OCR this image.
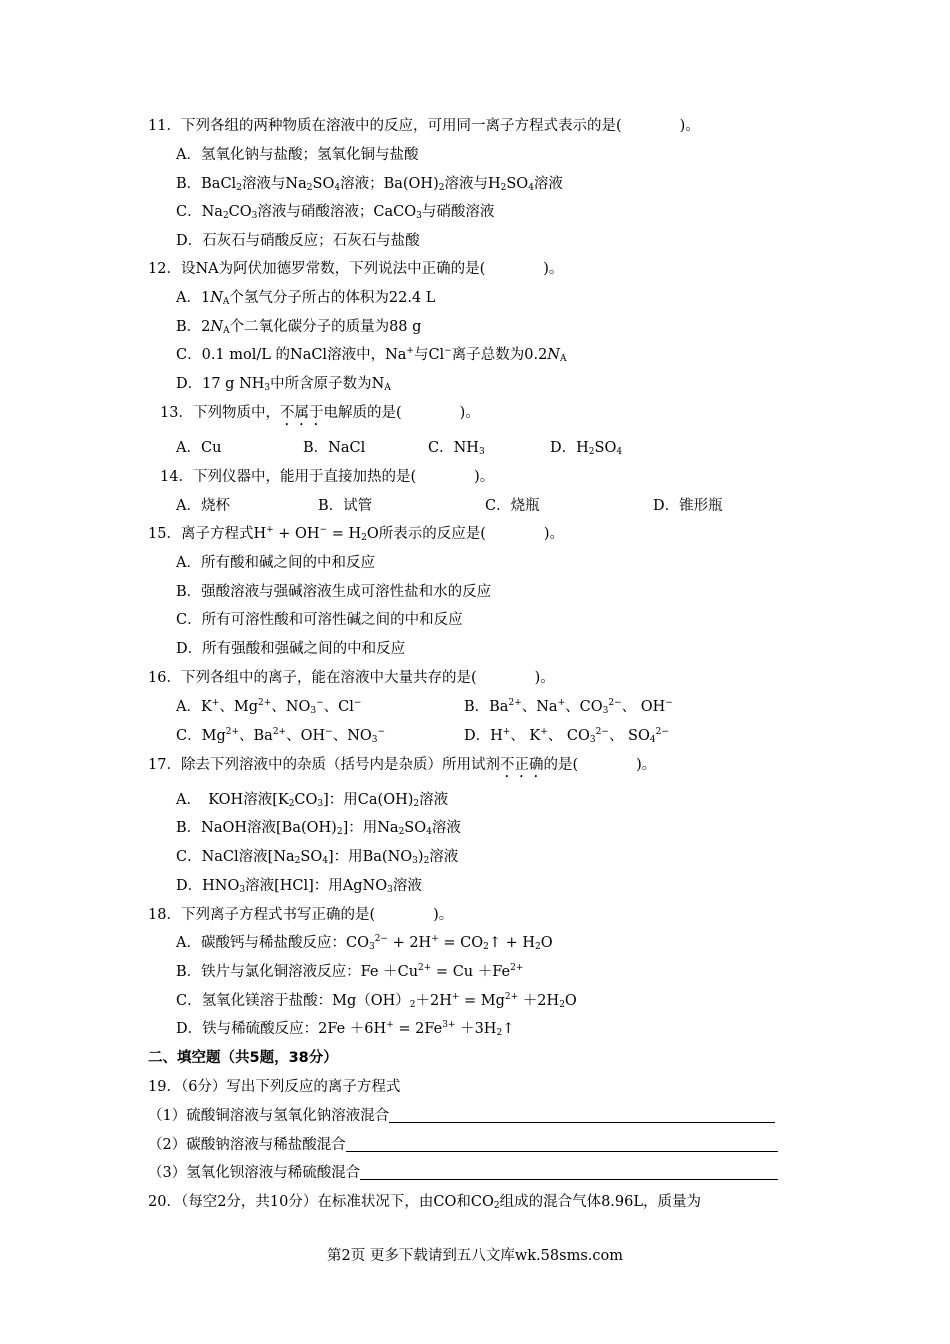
11．下列各组的两种物质在溶液中的反应，可用同一离子方程式表示的是(　　　　)。
A．氢氧化钠与盐酸；氢氧化铜与盐酸
B．BaCl$_2$溶液与$Na_2SO_4$溶液；$Ba(OH)_2$溶液与$H_2SO_4$溶液
C．$Na_2CO_3$溶液与硝酸溶液；CaCO$_3$与硝酸溶液
D．石灰石与硝酸反应；石灰石与盐酸
12．设NA为阿伏加德罗常数，下列说法中正确的是(　　　　)。
A．$1N_A$个氢气分子所占的体积为22.4 L
B．$2N_A$个二氧化碳分子的质量为88 g
C．0.1 mol/L 的NaCl溶液中，Na+与Cl−离子总数为$0.2N_A$
D．17 g $NH_3$中所含原子数为$N_A$
13．下列物质中，不属于电解质的是(　　　　)。
A．Cu	B．NaCl	C．$NH_3$	D．$H_2SO_4$
14．下列仪器中，能用于直接加热的是(　　　　)。
A．烧杯	B．试管	C．烧瓶	D．锥形瓶
15．离子方程式$H^+ + OH^- = H_2O$所表示的反应是(　　　　)。
A．所有酸和碱之间的中和反应
B．强酸溶液与强碱溶液生成可溶性盐和水的反应
C．所有可溶性酸和可溶性碱之间的中和反应
D．所有强酸和强碱之间的中和反应
16．下列各组中的离子，能在溶液中大量共存的是(　　　　)。
A．K+、$Mg^{2+}$、$NO_3^-$、Cl−	B．$Ba^{2+}$、Na+、$CO_3^{2-}$、 OH−
C．$Mg^{2+}$、$Ba^{2+}$、OH−、$NO_3^-$	D．H+、 K+、 $CO_3^{2-}$、 $SO_4^{2-}$
17．除去下列溶液中的杂质（括号内是杂质）所用试剂不正确的是(　　　　)。
A．　KOH溶液$[K_2CO_3]$：用$Ca(OH)_2$溶液
B．NaOH溶液$[Ba(OH)_2]$：用$Na_2SO_4$溶液
C．NaCl溶液$[Na_2SO_4]$：用$Ba(NO_3)_2$溶液
D．$HNO_3$溶液[HCl]：用AgNO$_3$溶液
18．下列离子方程式书写正确的是(　　　　)。
A．碳酸钙与稀盐酸反应：$CO_3^{2-} + 2H^+$ = $CO_2↑ + H_2O$
B．铁片与氯化铜溶液反应：$Fe +Cu^{2+} = Cu +Fe^{2+}$
C．氢氧化镁溶于盐酸：$Mg(OH)_2+2H^+ = Mg^{2+} +2H_2O$
D．铁与稀硫酸反应：$2Fe +6H^+ = 2Fe^{3+}$ $+3H_2↑$
二、填空题（共5题，38分）
19．（6分）写出下列反应的离子方程式
（1）硫酸铜溶液与氢氧化钠溶液混合
（2）碳酸钠溶液与稀盐酸混合
（3）氢氧化钡溶液与稀硫酸混合
20．（每空2分，共10分）在标准状况下，由CO和$CO_2$组成的混合气体8.96L，质量为
第2页 更多下载请到五八文库wk.58sms.com
